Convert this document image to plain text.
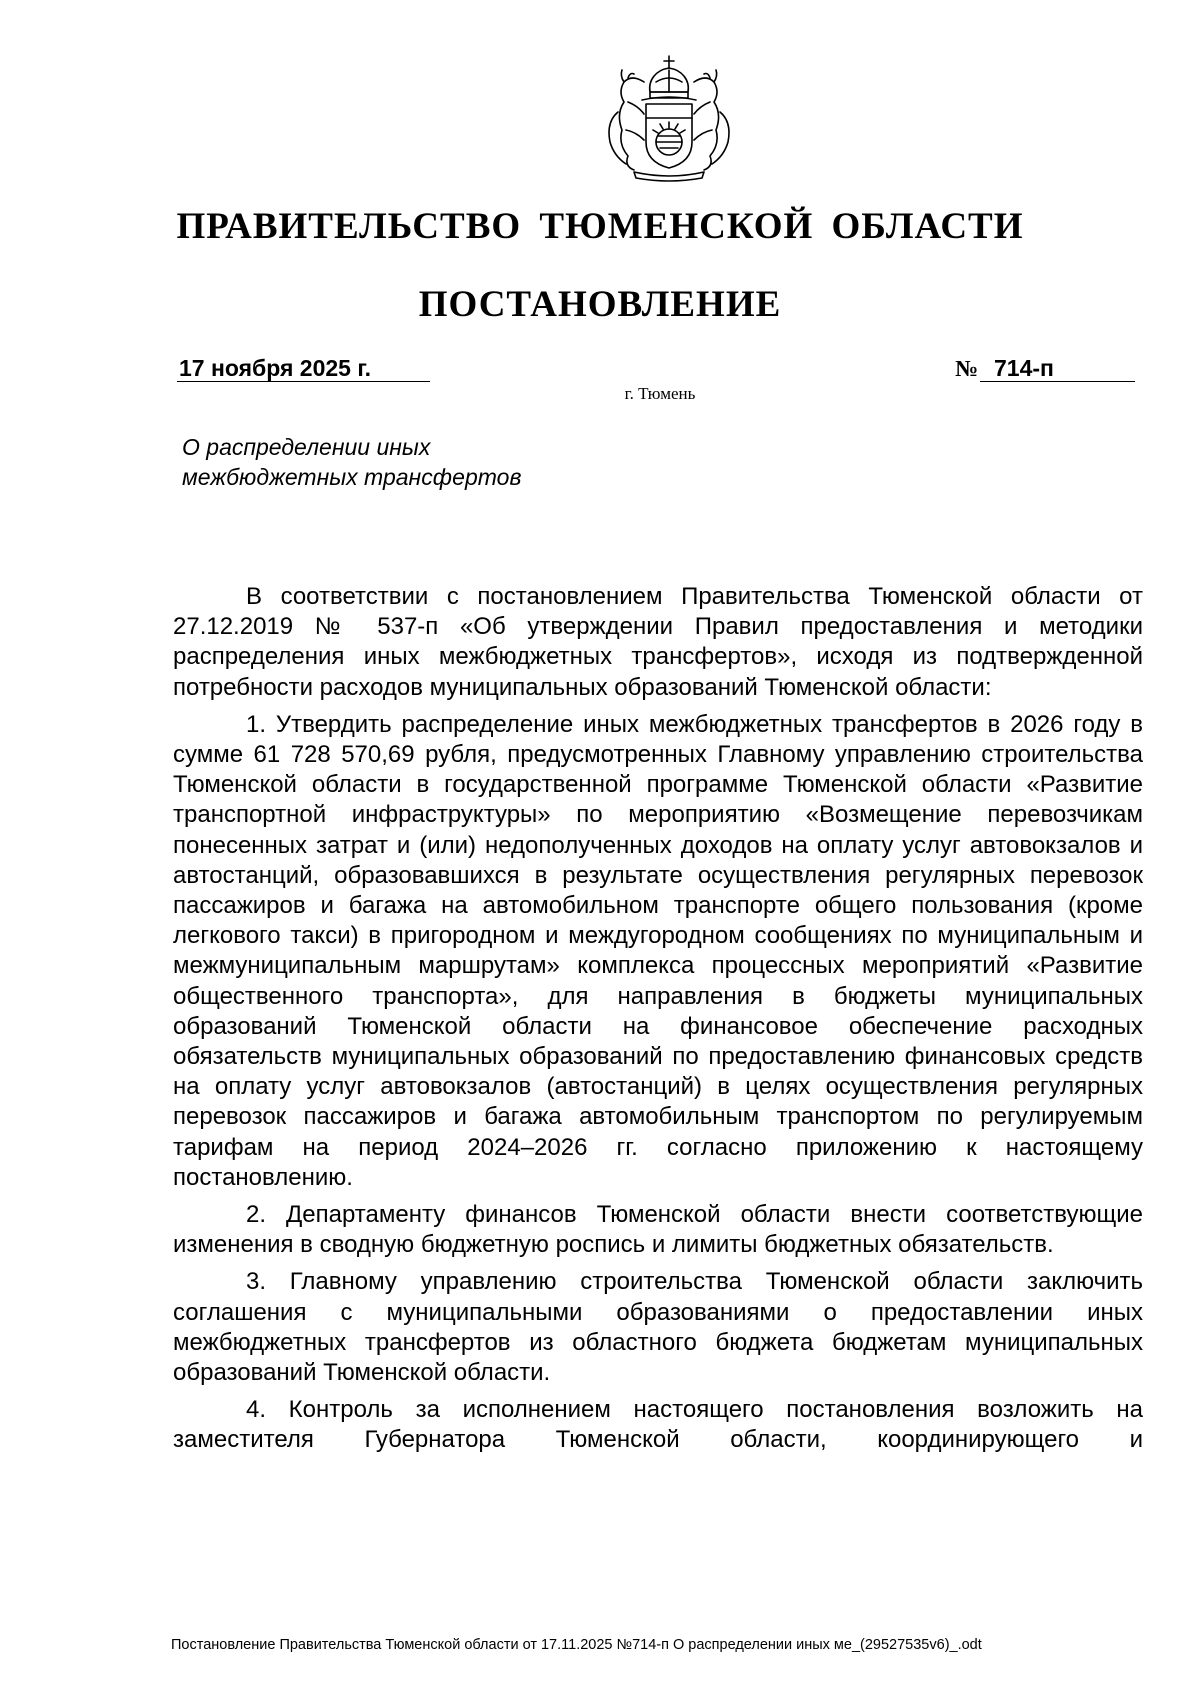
ПРАВИТЕЛЬСТВО ТЮМЕНСКОЙ ОБЛАСТИ
ПОСТАНОВЛЕНИЕ
17 ноября 2025 г.	№ 714-п
г. Тюмень
О распределении иных
межбюджетных трансфертов

В соответствии с постановлением Правительства Тюменской области от 27.12.2019 № 537-п «Об утверждении Правил предоставления и методики распределения иных межбюджетных трансфертов», исходя из подтвержденной потребности расходов муниципальных образований Тюменской области:

1. Утвердить распределение иных межбюджетных трансфертов в 2026 году в сумме 61 728 570,69 рубля, предусмотренных Главному управлению строительства Тюменской области в государственной программе Тюменской области «Развитие транспортной инфраструктуры» по мероприятию «Возмещение перевозчикам понесенных затрат и (или) недополученных доходов на оплату услуг автовокзалов и автостанций, образовавшихся в результате осуществления регулярных перевозок пассажиров и багажа на автомобильном транспорте общего пользования (кроме легкового такси) в пригородном и междугородном сообщениях по муниципальным и межмуниципальным маршрутам» комплекса процессных мероприятий «Развитие общественного транспорта», для направления в бюджеты муниципальных образований Тюменской области на финансовое обеспечение расходных обязательств муниципальных образований по предоставлению финансовых средств на оплату услуг автовокзалов (автостанций) в целях осуществления регулярных перевозок пассажиров и багажа автомобильным транспортом по регулируемым тарифам на период 2024–2026 гг. согласно приложению к настоящему постановлению.

2. Департаменту финансов Тюменской области внести соответствующие изменения в сводную бюджетную роспись и лимиты бюджетных обязательств.

3. Главному управлению строительства Тюменской области заключить соглашения с муниципальными образованиями о предоставлении иных межбюджетных трансфертов из областного бюджета бюджетам муниципальных образований Тюменской области.

4. Контроль за исполнением настоящего постановления возложить на заместителя Губернатора Тюменской области, координирующего и

Постановление Правительства Тюменской области от 17.11.2025 №714-п О распределении иных ме_(29527535v6)_.odt
